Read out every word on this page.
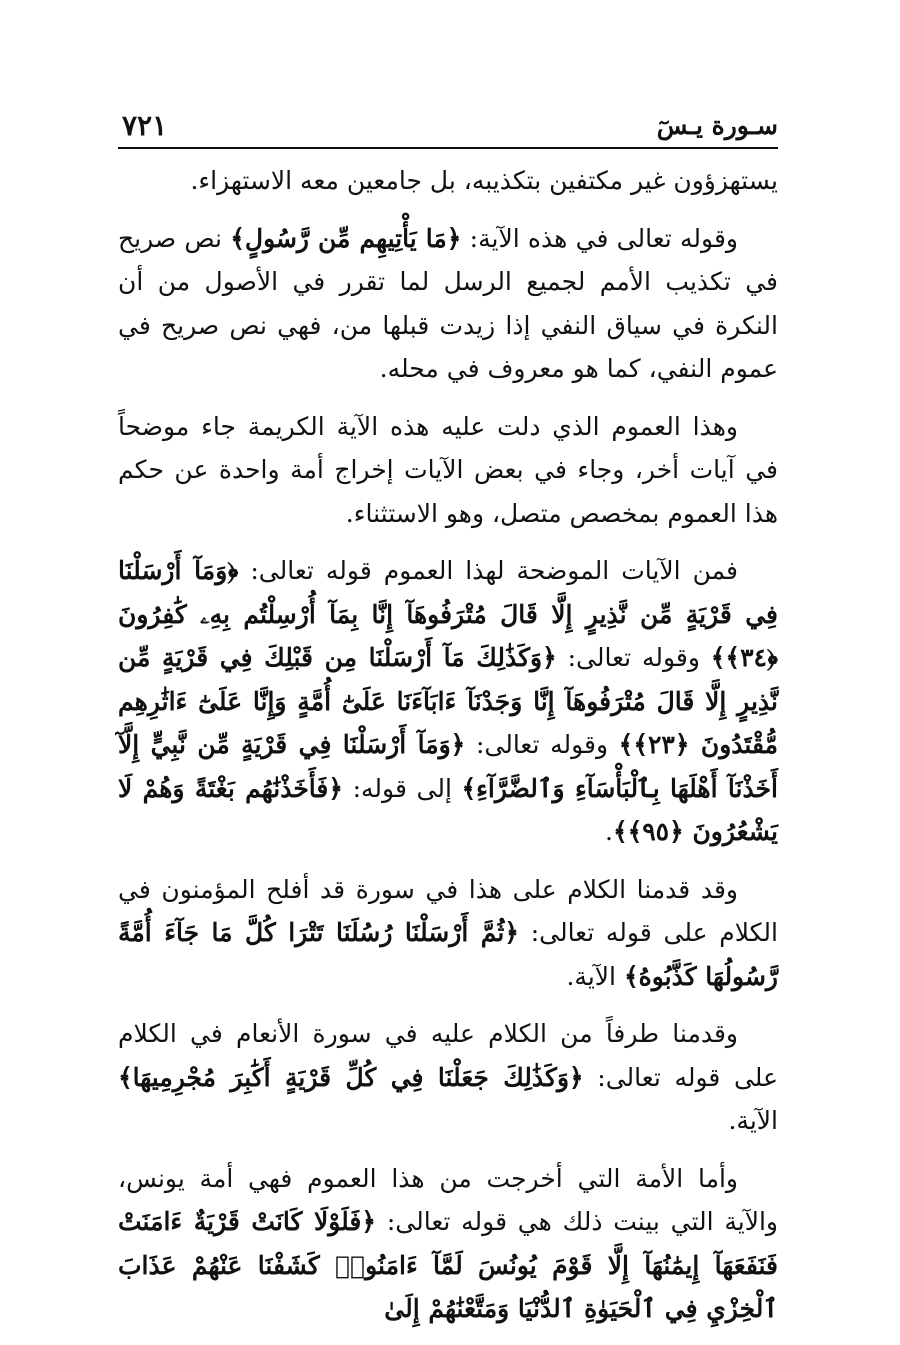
سـورة يـسٓ
٧٢١

يستهزؤون غير مكتفين بتكذيبه، بل جامعين معه الاستهزاء.

وقوله تعالى في هذه الآية: ﴿مَا يَأْتِيهِم مِّن رَّسُولٍ﴾ نص صريح في تكذيب الأمم لجميع الرسل لما تقرر في الأصول من أن النكرة في سياق النفي إذا زيدت قبلها من، فهي نص صريح في عموم النفي، كما هو معروف في محله.

وهذا العموم الذي دلت عليه هذه الآية الكريمة جاء موضحاً في آيات أخر، وجاء في بعض الآيات إخراج أمة واحدة عن حكم هذا العموم بمخصص متصل، وهو الاستثناء.

فمن الآيات الموضحة لهذا العموم قوله تعالى: ﴿وَمَآ أَرْسَلْنَا فِي قَرْيَةٍ مِّن نَّذِيرٍ إِلَّا قَالَ مُتْرَفُوهَآ إِنَّا بِمَآ أُرْسِلْتُم بِهِۦ كَٰفِرُونَ ﴿٣٤﴾﴾ وقوله تعالى: ﴿وَكَذَٰلِكَ مَآ أَرْسَلْنَا مِن قَبْلِكَ فِي قَرْيَةٍ مِّن نَّذِيرٍ إِلَّا قَالَ مُتْرَفُوهَآ إِنَّا وَجَدْنَآ ءَابَآءَنَا عَلَىٰٓ أُمَّةٍ وَإِنَّا عَلَىٰٓ ءَاثَٰرِهِم مُّقْتَدُونَ ﴿٢٣﴾﴾ وقوله تعالى: ﴿وَمَآ أَرْسَلْنَا فِي قَرْيَةٍ مِّن نَّبِيٍّ إِلَّآ أَخَذْنَآ أَهْلَهَا بِٱلْبَأْسَآءِ وَٱلضَّرَّآءِ﴾ إلى قوله: ﴿فَأَخَذْنَٰهُم بَغْتَةً وَهُمْ لَا يَشْعُرُونَ ﴿٩٥﴾﴾.

وقد قدمنا الكلام على هذا في سورة قد أفلح المؤمنون في الكلام على قوله تعالى: ﴿ثُمَّ أَرْسَلْنَا رُسُلَنَا تَتْرَا كُلَّ مَا جَآءَ أُمَّةً رَّسُولُهَا كَذَّبُوهُ﴾ الآية.

وقدمنا طرفاً من الكلام عليه في سورة الأنعام في الكلام على قوله تعالى: ﴿وَكَذَٰلِكَ جَعَلْنَا فِي كُلِّ قَرْيَةٍ أَكَٰبِرَ مُجْرِمِيهَا﴾ الآية.

وأما الأمة التي أخرجت من هذا العموم فهي أمة يونس، والآية التي بينت ذلك هي قوله تعالى: ﴿فَلَوْلَا كَانَتْ قَرْيَةٌ ءَامَنَتْ فَنَفَعَهَآ إِيمَٰنُهَآ إِلَّا قَوْمَ يُونُسَ لَمَّآ ءَامَنُوا۟ كَشَفْنَا عَنْهُمْ عَذَابَ ٱلْخِزْيِ فِي ٱلْحَيَوٰةِ ٱلدُّنْيَا وَمَتَّعْنَٰهُمْ إِلَىٰ
